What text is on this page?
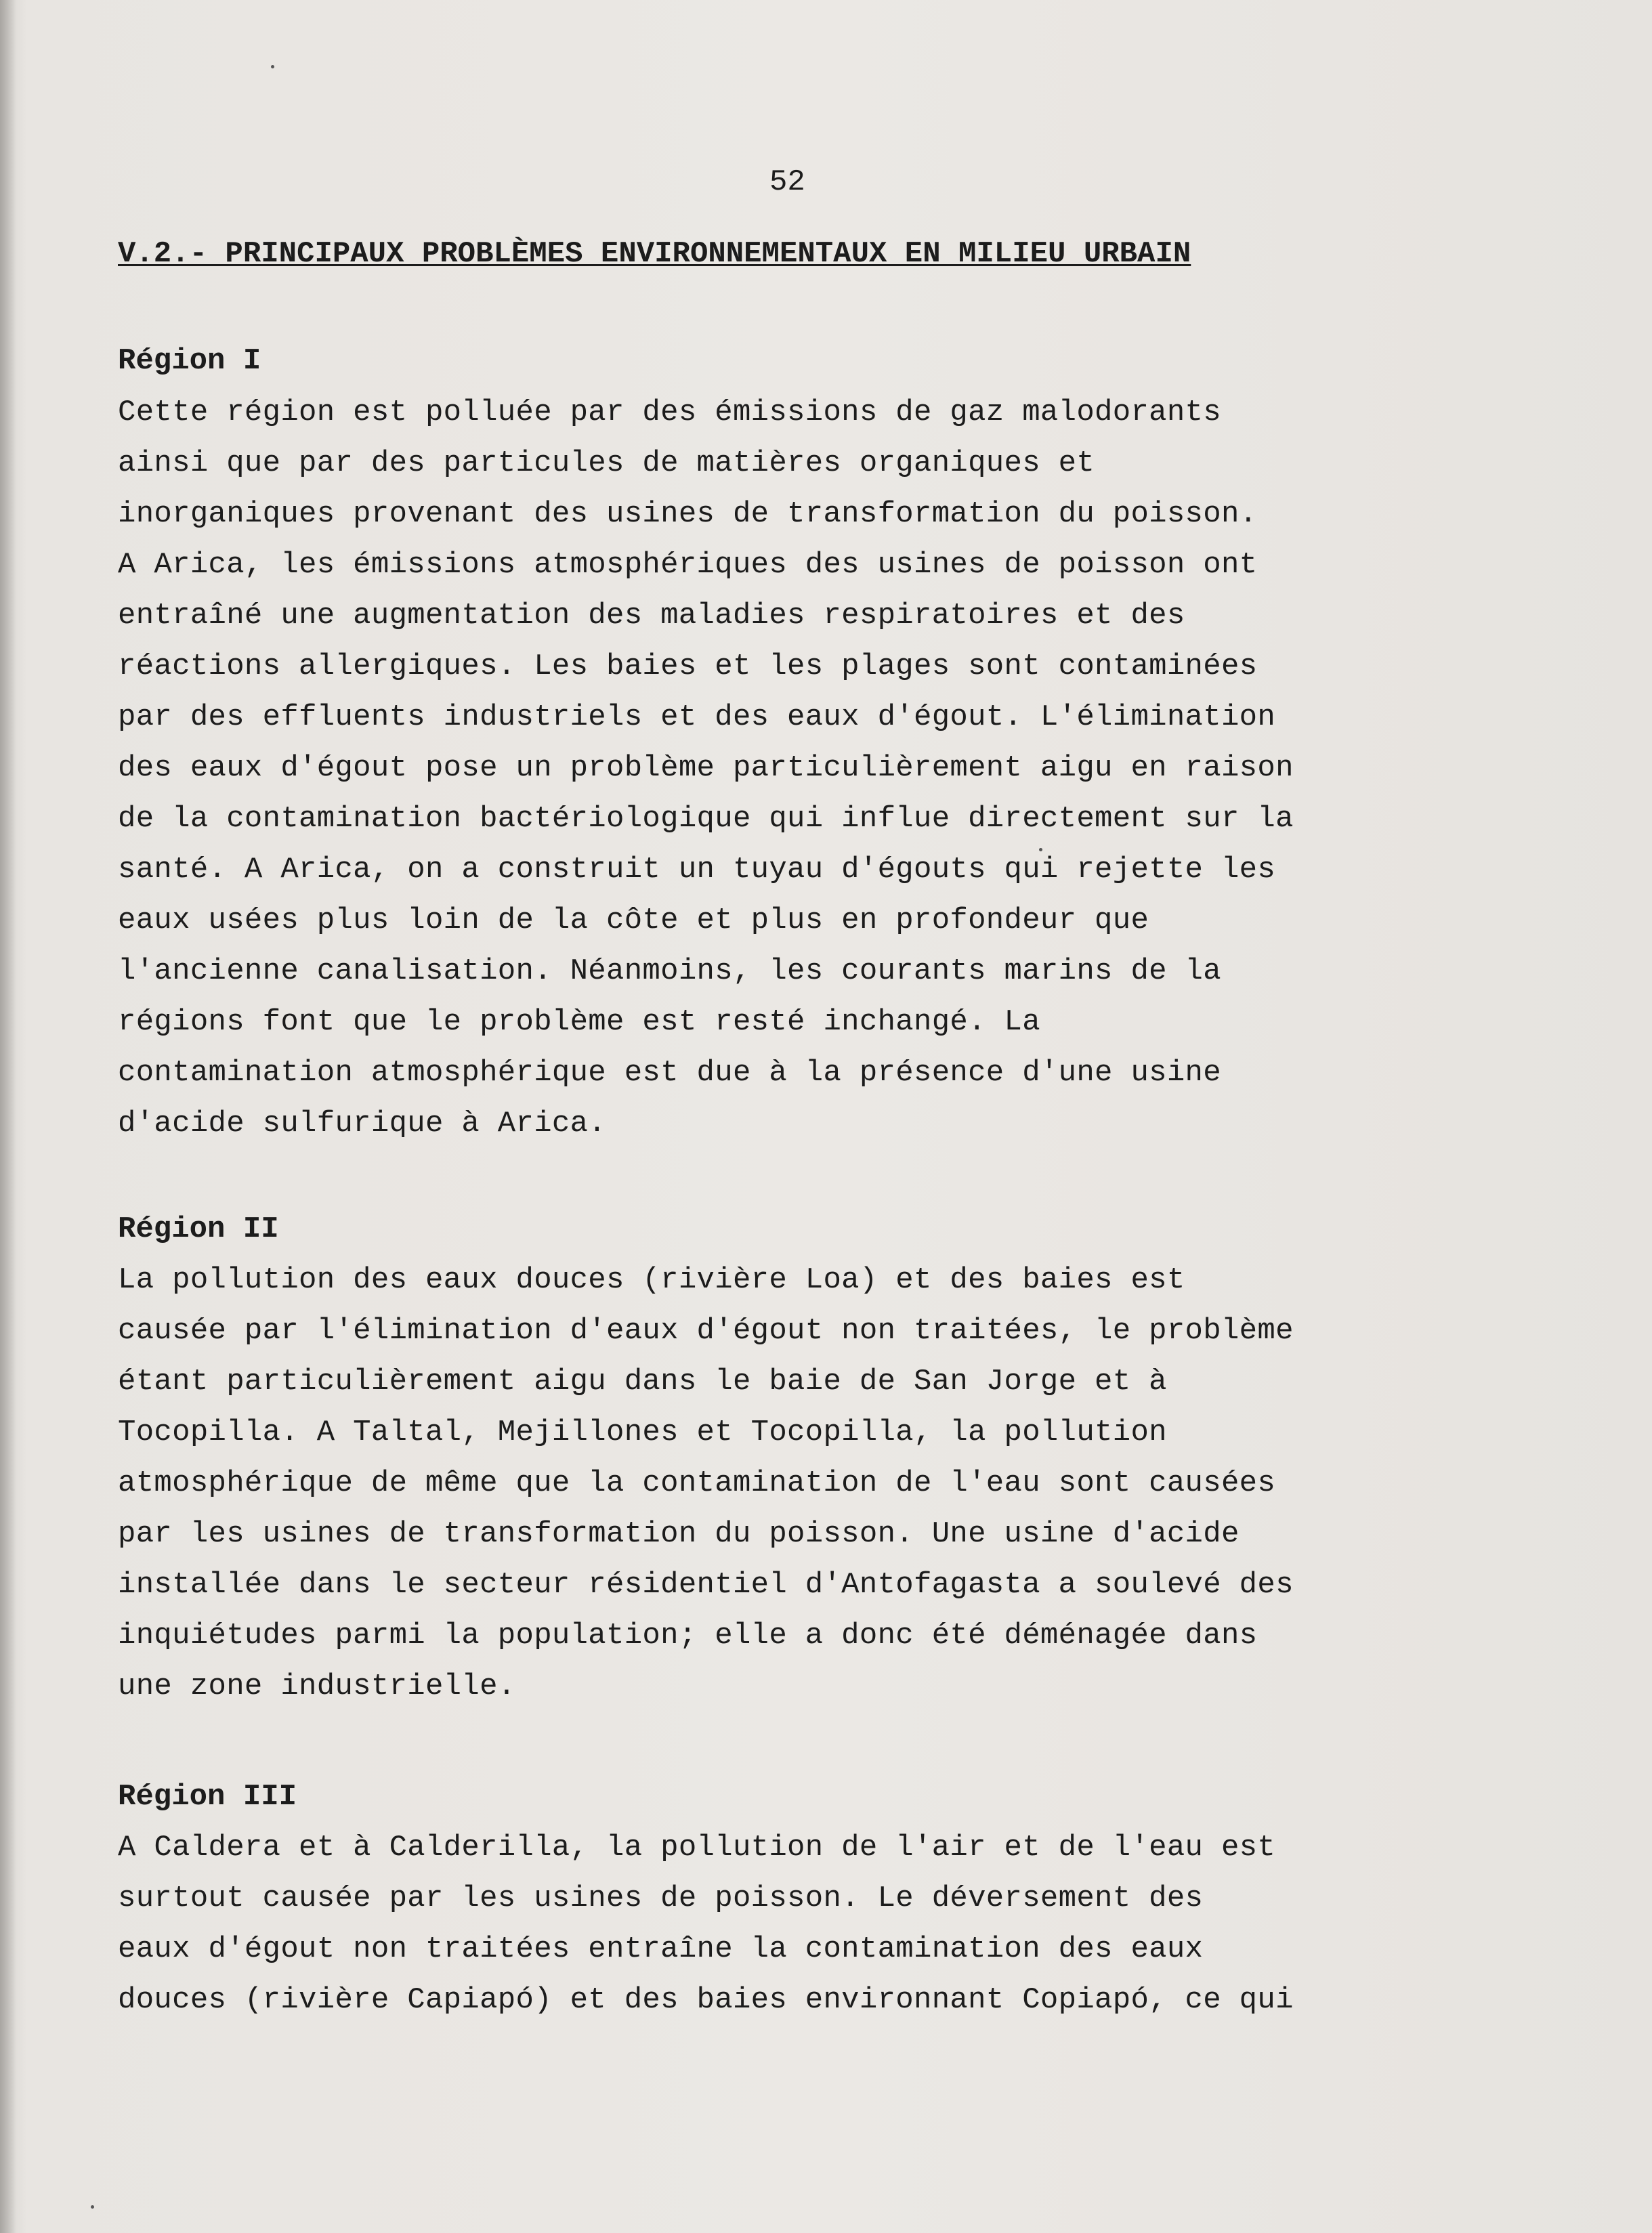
52
V.2.- PRINCIPAUX PROBLÈMES ENVIRONNEMENTAUX EN MILIEU URBAIN
Région I
Cette région est polluée par des émissions de gaz malodorants
ainsi que par des particules de matières organiques et
inorganiques provenant des usines de transformation du poisson.
A Arica, les émissions atmosphériques des usines de poisson ont
entraîné une augmentation des maladies respiratoires et des
réactions allergiques. Les baies et les plages sont contaminées
par des effluents industriels et des eaux d'égout. L'élimination
des eaux d'égout pose un problème particulièrement aigu en raison
de la contamination bactériologique qui influe directement sur la
santé. A Arica, on a construit un tuyau d'égouts qui rejette les
eaux usées plus loin de la côte et plus en profondeur que
l'ancienne canalisation. Néanmoins, les courants marins de la
régions font que le problème est resté inchangé. La
contamination atmosphérique est due à la présence d'une usine
d'acide sulfurique à Arica.
Région II
La pollution des eaux douces (rivière Loa) et des baies est
causée par l'élimination d'eaux d'égout non traitées, le problème
étant particulièrement aigu dans le baie de San Jorge et à
Tocopilla. A Taltal, Mejillones et Tocopilla, la pollution
atmosphérique de même que la contamination de l'eau sont causées
par les usines de transformation du poisson. Une usine d'acide
installée dans le secteur résidentiel d'Antofagasta a soulevé des
inquiétudes parmi la population; elle a donc été déménagée dans
une zone industrielle.
Région III
A Caldera et à Calderilla, la pollution de l'air et de l'eau est
surtout causée par les usines de poisson. Le déversement des
eaux d'égout non traitées entraîne la contamination des eaux
douces (rivière Capiapó) et des baies environnant Copiapó, ce qui
